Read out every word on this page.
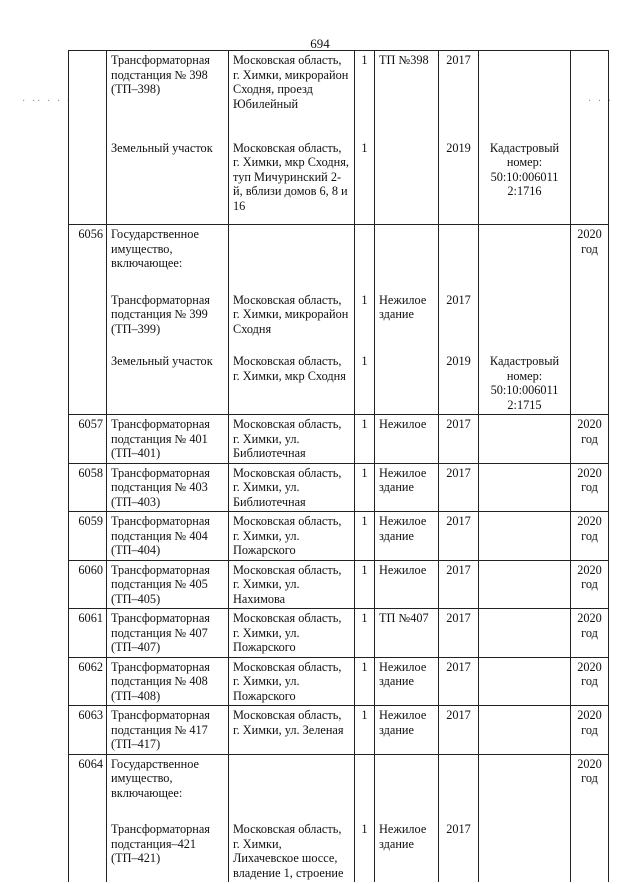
694
· ·· · · ·	· · ·
	Трансформаторная подстанция № 398 (ТП–398)	Московская область, г. Химки, микрорайон Сходня, проезд Юбилейный	1	ТП №398	2017		
	Земельный участок	Московская область, г. Химки, мкр Сходня, туп Мичуринский 2-й, вблизи домов 6, 8 и 16	1		2019	Кадастровый номер: 50:10:006011 2:1716	
6056	Государственное имущество, включающее:						2020 год
	Трансформаторная подстанция № 399 (ТП–399)	Московская область, г. Химки, микрорайон Сходня	1	Нежилое здание	2017		
	Земельный участок	Московская область, г. Химки, мкр Сходня	1		2019	Кадастровый номер: 50:10:006011 2:1715	
6057	Трансформаторная подстанция № 401 (ТП–401)	Московская область, г. Химки, ул. Библиотечная	1	Нежилое	2017		2020 год
6058	Трансформаторная подстанция № 403 (ТП–403)	Московская область, г. Химки, ул. Библиотечная	1	Нежилое здание	2017		2020 год
6059	Трансформаторная подстанция № 404 (ТП–404)	Московская область, г. Химки, ул. Пожарского	1	Нежилое здание	2017		2020 год
6060	Трансформаторная подстанция № 405 (ТП–405)	Московская область, г. Химки, ул. Нахимова	1	Нежилое	2017		2020 год
6061	Трансформаторная подстанция № 407 (ТП–407)	Московская область, г. Химки, ул. Пожарского	1	ТП №407	2017		2020 год
6062	Трансформаторная подстанция № 408 (ТП–408)	Московская область, г. Химки, ул. Пожарского	1	Нежилое здание	2017		2020 год
6063	Трансформаторная подстанция № 417 (ТП–417)	Московская область, г. Химки, ул. Зеленая	1	Нежилое здание	2017		2020 год
6064	Государственное имущество, включающее:						2020 год
	Трансформаторная подстанция–421 (ТП–421)	Московская область, г. Химки, Лихачевское шоссе, владение 1, строение	1	Нежилое здание	2017		
